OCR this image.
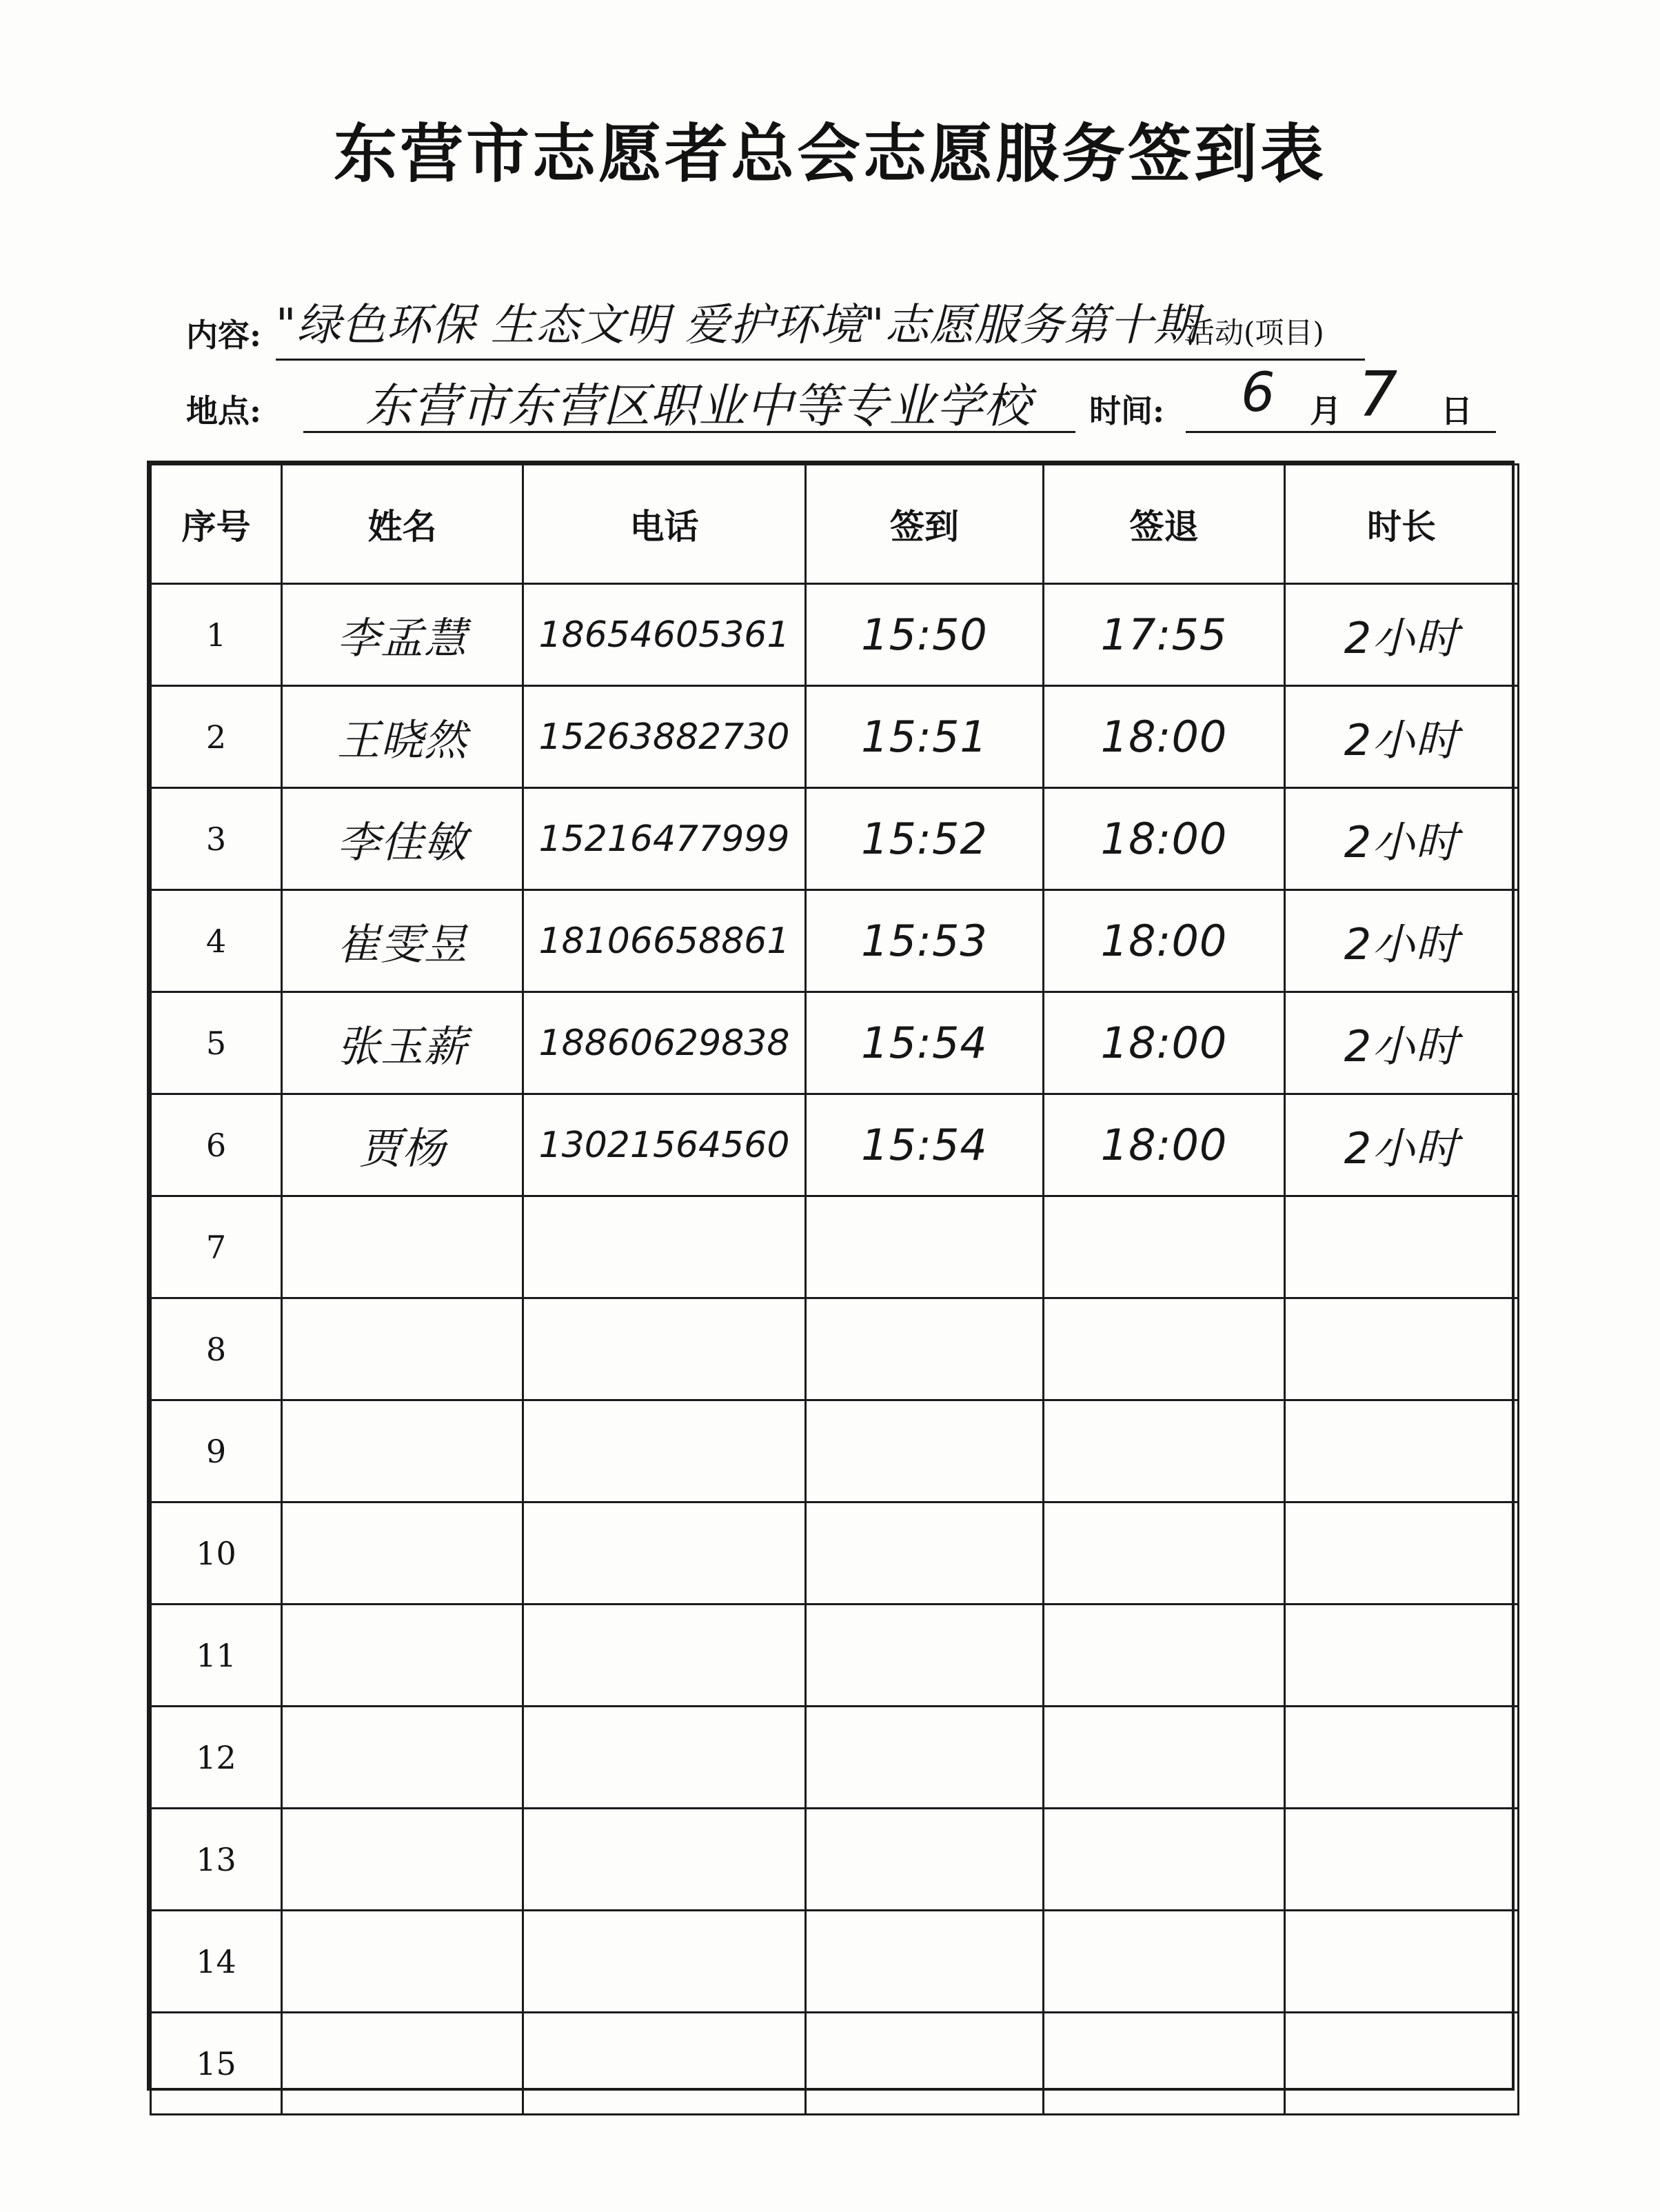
东营市志愿者总会志愿服务签到表
内容: "绿色环保 生态文明 爱护环境"志愿服务第十期
活动(项目)
地点: 东营市东营区职业中等专业学校 时间: 6 月 7 日
序号	姓名	电话	签到	签退	时长
1	李孟慧	18654605361	15:50	17:55	2小时
2	王晓然	15263882730	15:51	18:00	2小时
3	李佳敏	15216477999	15:52	18:00	2小时
4	崔雯昱	18106658861	15:53	18:00	2小时
5	张玉薪	18860629838	15:54	18:00	2小时
6	贾杨	13021564560	15:54	18:00	2小时
7					
8					
9					
10					
11					
12					
13					
14					
15					
